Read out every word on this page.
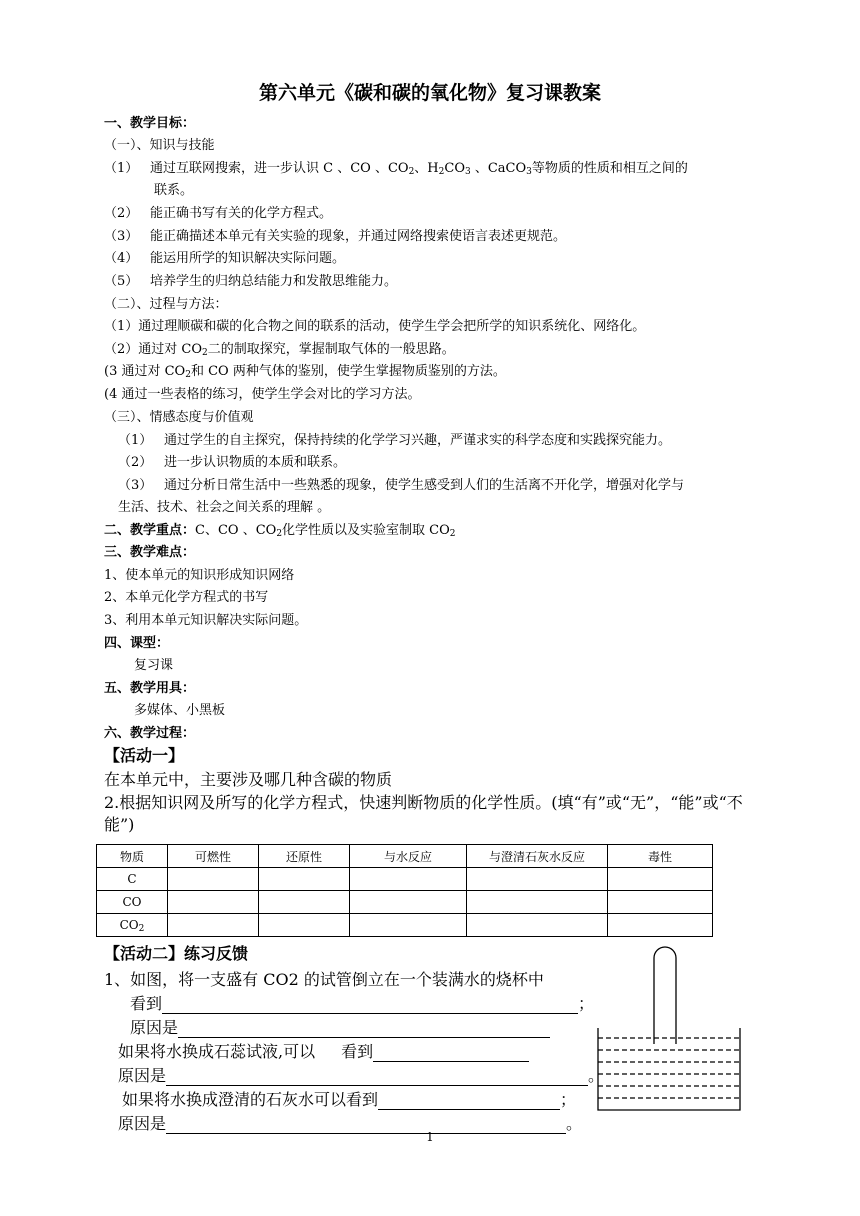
第六单元《碳和碳的氧化物》复习课教案
一、教学目标：
（一）、知识与技能
（1） 通过互联网搜索，进一步认识 C 、CO 、$CO_2$、$H_2CO_3$ 、CaCO$_3$等物质的性质和相互之间的
联系。
（2） 能正确书写有关的化学方程式。
（3） 能正确描述本单元有关实验的现象，并通过网络搜索使语言表述更规范。
（4） 能运用所学的知识解决实际问题。
（5） 培养学生的归纳总结能力和发散思维能力。
（二）、过程与方法：
（1）通过理顺碳和碳的化合物之间的联系的活动，使学生学会把所学的知识系统化、网络化。
（2）通过对 $CO_2$二的制取探究，掌握制取气体的一般思路。
(3 通过对 $CO_2$和 CO 两种气体的鉴别，使学生掌握物质鉴别的方法。
(4 通过一些表格的练习，使学生学会对比的学习方法。
（三）、情感态度与价值观
（1） 通过学生的自主探究，保持持续的化学学习兴趣，严谨求实的科学态度和实践探究能力。
（2） 进一步认识物质的本质和联系。
（3） 通过分析日常生活中一些熟悉的现象，使学生感受到人们的生活离不开化学，增强对化学与
生活、技术、社会之间关系的理解 。
二、教学重点：C、CO 、$CO_2$化学性质以及实验室制取 $CO_2$
三、教学难点：
1、使本单元的知识形成知识网络
2、本单元化学方程式的书写
3、利用本单元知识解决实际问题。
四、课型：
复习课
五、教学用具：
多媒体、小黑板
六、教学过程：
【活动一】
在本单元中，主要涉及哪几种含碳的物质
2.根据知识网及所写的化学方程式，快速判断物质的化学性质。(填“有”或“无”，“能”或“不
能”)
物质	可燃性	还原性	与水反应	与澄清石灰水反应	毒性
C					
CO					
$CO_2$					
【活动二】练习反馈
1、如图，将一支盛有 CO2 的试管倒立在一个装满水的烧杯中
看到	；
原因是
如果将水换成石蕊试液,可以 看到
原因是	。
如果将水换成澄清的石灰水可以看到	；
原因是	。
1
